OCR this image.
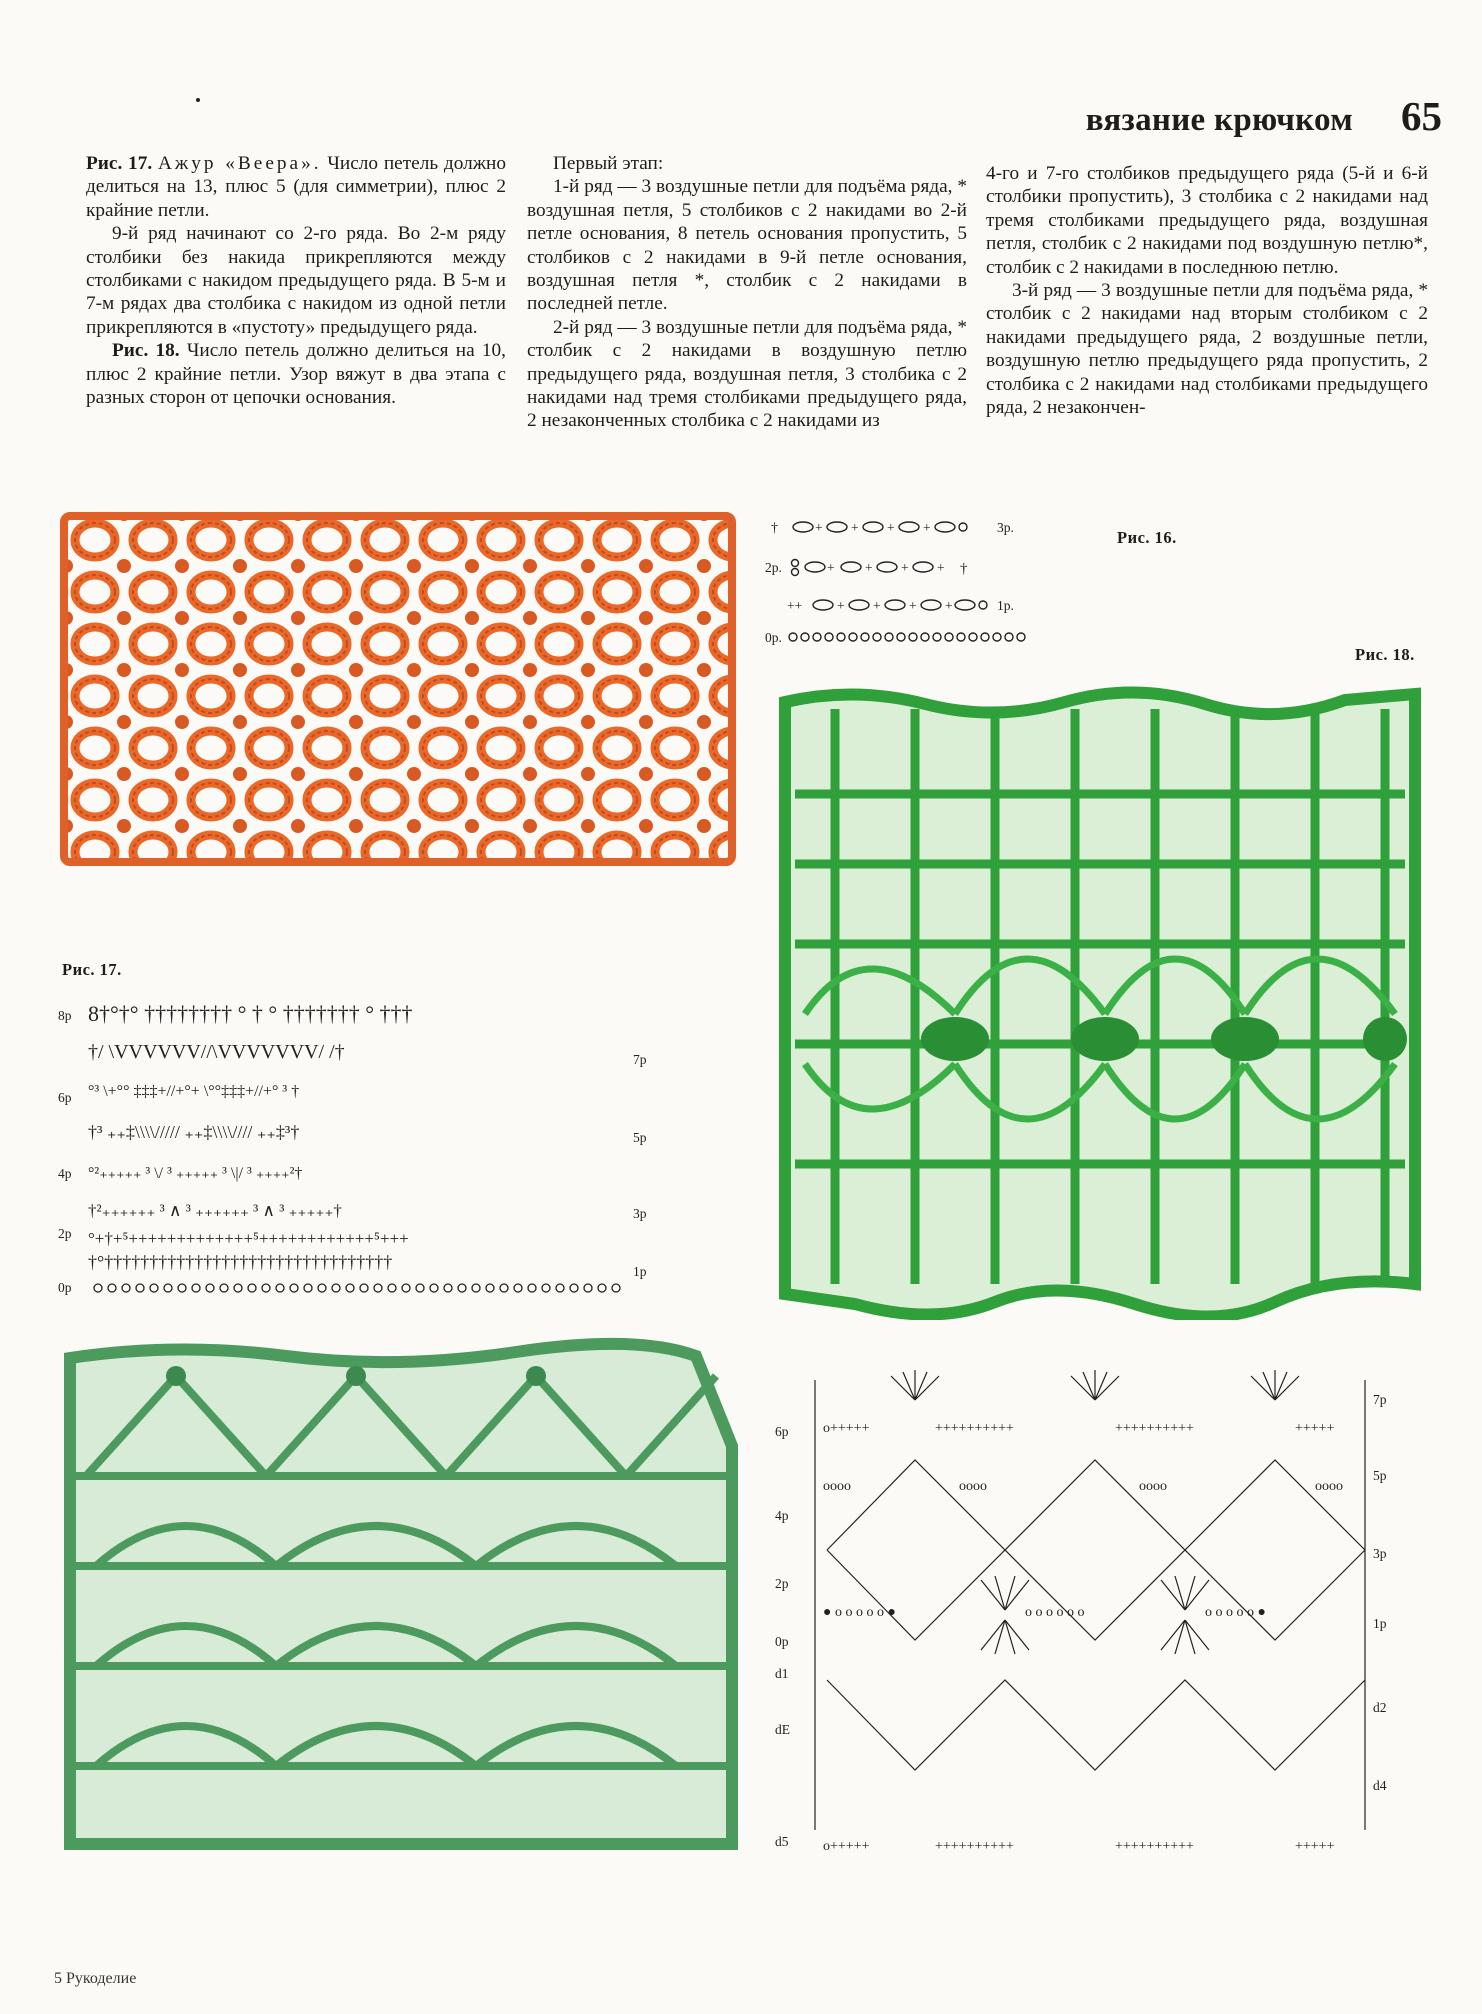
вязание крючком 65

Рис. 17. Ажур «Веера». Число петель должно делиться на 13, плюс 5 (для симметрии), плюс 2 крайние петли.

9-й ряд начинают со 2-го ряда. Во 2-м ряду столбики без накида прикрепляются между столбиками с накидом предыдущего ряда. В 5-м и 7-м рядах два столбика с накидом из одной петли прикрепляются в «пустоту» предыдущего ряда.

Рис. 18. Число петель должно делиться на 10, плюс 2 крайние петли. Узор вяжут в два этапа с разных сторон от цепочки основания.

Первый этап:

1-й ряд — 3 воздушные петли для подъёма ряда, * воздушная петля, 5 столбиков с 2 накидами во 2-й петле основания, 8 петель основания пропустить, 5 столбиков с 2 накидами в 9-й петле основания, воздушная петля *, столбик с 2 накидами в последней петле.

2-й ряд — 3 воздушные петли для подъёма ряда, * столбик с 2 накидами в воздушную петлю предыдущего ряда, воздушная петля, 3 столбика с 2 накидами над тремя столбиками предыдущего ряда, 2 незаконченных столбика с 2 накидами из

4-го и 7-го столбиков предыдущего ряда (5-й и 6-й столбики пропустить), 3 столбика с 2 накидами над тремя столбиками предыдущего ряда, воздушная петля, столбик с 2 накидами под воздушную петлю*, столбик с 2 накидами в последнюю петлю.

3-й ряд — 3 воздушные петли для подъёма ряда, * столбик с 2 накидами над вторым столбиком с 2 накидами предыдущего ряда, 2 воздушные петли, воздушную петлю предыдущего ряда пропустить, 2 столбика с 2 накидами над столбиками предыдущего ряда, 2 незакончен-

†	+ + + +
+ + + + †
++	+ + + +
3р.
2р.
1р.
0р.
Рис. 16.
Рис. 18.
Рис. 17.
8†°†° †††††††† ° † ° ††††††† ° †††
†/ \VVVVVV//\VVVVVVV/ /†
°³ \+°° ‡‡‡+//+°+ \°°‡‡‡+//+° ³ †
†³ ₊₊‡\\\\///// ₊₊‡\\\\//// ₊₊‡³†
°²₊₊₊₊₊ ³ \/ ³ ₊₊₊₊₊ ³ \|/ ³ ₊₊₊₊²†
†²₊₊₊₊₊₊ ³ ∧ ³ ₊₊₊₊₊₊ ³ ∧ ³ ₊₊₊₊₊†
°+†+⁵+++++++++++++⁵++++++++++++⁵+++
†°††††††††††††††††††††††††††††††††
8р
6р
4р
2р
0р
7р
5р
3р
1р
o+++++	++++++++++	++++++++++	+++++
oooo	oooo	oooo	oooo
● o o o o o ●	o o o o o o	o o o o o ●
o+++++	++++++++++	++++++++++	+++++
6р
4р
2р
0р
d1
dE
d5
7р
5р
3р
1р
d2
d4
5 Рукоделие
